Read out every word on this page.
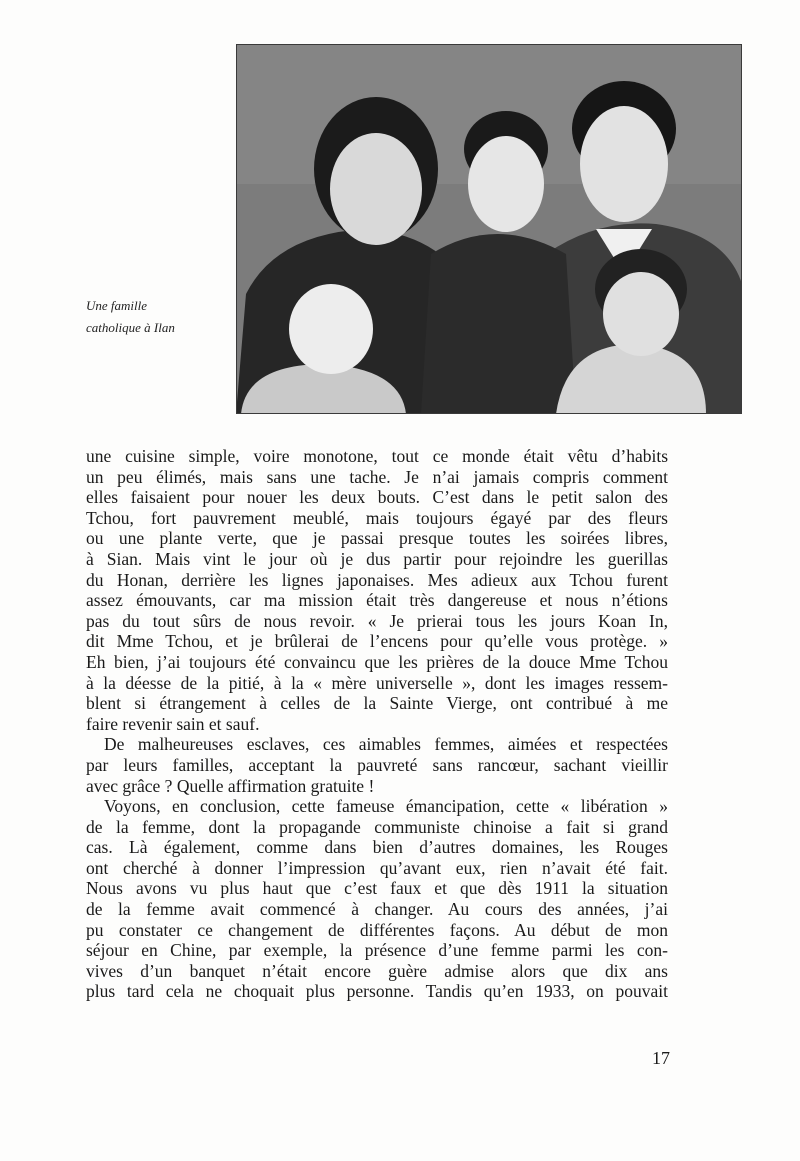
Une famille
catholique à Ilan
une cuisine simple, voire monotone, tout ce monde était vêtu d’habits
un peu élimés, mais sans une tache. Je n’ai jamais compris comment
elles faisaient pour nouer les deux bouts. C’est dans le petit salon des
Tchou, fort pauvrement meublé, mais toujours égayé par des fleurs
ou une plante verte, que je passai presque toutes les soirées libres,
à Sian. Mais vint le jour où je dus partir pour rejoindre les guerillas
du Honan, derrière les lignes japonaises. Mes adieux aux Tchou furent
assez émouvants, car ma mission était très dangereuse et nous n’étions
pas du tout sûrs de nous revoir. « Je prierai tous les jours Koan In,
dit Mme Tchou, et je brûlerai de l’encens pour qu’elle vous protège. »
Eh bien, j’ai toujours été convaincu que les prières de la douce Mme Tchou
à la déesse de la pitié, à la « mère universelle », dont les images ressem-
blent si étrangement à celles de la Sainte Vierge, ont contribué à me
faire revenir sain et sauf.
De malheureuses esclaves, ces aimables femmes, aimées et respectées
par leurs familles, acceptant la pauvreté sans rancœur, sachant vieillir
avec grâce ? Quelle affirmation gratuite !
Voyons, en conclusion, cette fameuse émancipation, cette « libération »
de la femme, dont la propagande communiste chinoise a fait si grand
cas. Là également, comme dans bien d’autres domaines, les Rouges
ont cherché à donner l’impression qu’avant eux, rien n’avait été fait.
Nous avons vu plus haut que c’est faux et que dès 1911 la situation
de la femme avait commencé à changer. Au cours des années, j’ai
pu constater ce changement de différentes façons. Au début de mon
séjour en Chine, par exemple, la présence d’une femme parmi les con-
vives d’un banquet n’était encore guère admise alors que dix ans
plus tard cela ne choquait plus personne. Tandis qu’en 1933, on pouvait
17
